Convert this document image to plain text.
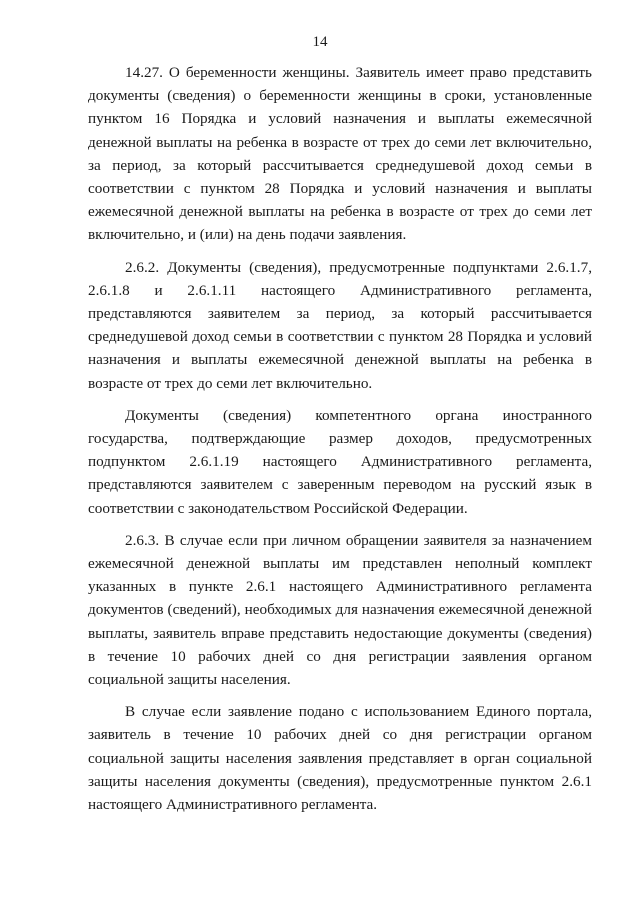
14

14.27. О беременности женщины. Заявитель имеет право представить документы (сведения) о беременности женщины в сроки, установленные пунктом 16 Порядка и условий назначения и выплаты ежемесячной денежной выплаты на ребенка в возрасте от трех до семи лет включительно, за период, за который рассчитывается среднедушевой доход семьи в соответствии с пунктом 28 Порядка и условий назначения и выплаты ежемесячной денежной выплаты на ребенка в возрасте от трех до семи лет включительно, и (или) на день подачи заявления.

2.6.2. Документы (сведения), предусмотренные подпунктами 2.6.1.7, 2.6.1.8 и 2.6.1.11 настоящего Административного регламента, представляются заявителем за период, за который рассчитывается среднедушевой доход семьи в соответствии с пунктом 28 Порядка и условий назначения и выплаты ежемесячной денежной выплаты на ребенка в возрасте от трех до семи лет включительно.

Документы (сведения) компетентного органа иностранного государства, подтверждающие размер доходов, предусмотренных подпунктом 2.6.1.19 настоящего Административного регламента, представляются заявителем с заверенным переводом на русский язык в соответствии с законодательством Российской Федерации.

2.6.3. В случае если при личном обращении заявителя за назначением ежемесячной денежной выплаты им представлен неполный комплект указанных в пункте 2.6.1 настоящего Административного регламента документов (сведений), необходимых для назначения ежемесячной денежной выплаты, заявитель вправе представить недостающие документы (сведения) в течение 10 рабочих дней со дня регистрации заявления органом социальной защиты населения.

В случае если заявление подано с использованием Единого портала, заявитель в течение 10 рабочих дней со дня регистрации органом социальной защиты населения заявления представляет в орган социальной защиты населения документы (сведения), предусмотренные пунктом 2.6.1 настоящего Административного регламента.
